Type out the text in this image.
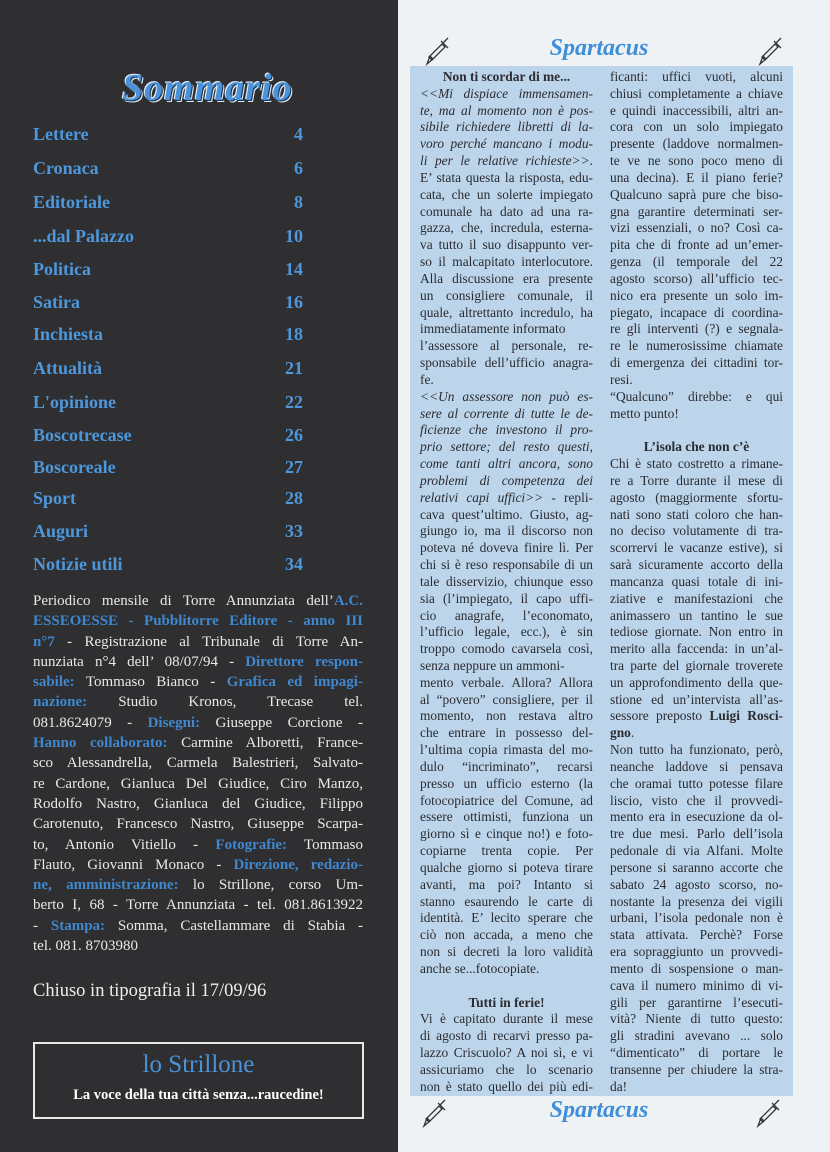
Sommario
Lettere	4
Cronaca	6
Editoriale	8
...dal Palazzo	10
Politica	14
Satira	16
Inchiesta	18
Attualità	21
L'opinione	22
Boscotrecase	26
Boscoreale	27
Sport	28
Auguri	33
Notizie utili	34
Periodico mensile di Torre Annunziata dell’A.C.
ESSEOESSE - Pubblitorre Editore - anno III
n°7 - Registrazione al Tribunale di Torre An-
nunziata n°4 dell’ 08/07/94 - Direttore respon-
sabile: Tommaso Bianco - Grafica ed impagi-
nazione: Studio Kronos, Trecase tel.
081.8624079 - Disegni: Giuseppe Corcione -
Hanno collaborato: Carmine Alboretti, France-
sco Alessandrella, Carmela Balestrieri, Salvato-
re Cardone, Gianluca Del Giudice, Ciro Manzo,
Rodolfo Nastro, Gianluca del Giudice, Filippo
Carotenuto, Francesco Nastro, Giuseppe Scarpa-
to, Antonio Vitiello - Fotografie: Tommaso
Flauto, Giovanni Monaco - Direzione, redazio-
ne, amministrazione: lo Strillone, corso Um-
berto I, 68 - Torre Annunziata - tel. 081.8613922
- Stampa: Somma, Castellammare di Stabia -
tel. 081. 8703980
Chiuso in tipografia il 17/09/96
lo Strillone
La voce della tua città senza...raucedine!
Spartacus
Spartacus
Non ti scordar di me...
<<Mi dispiace immensamen-
te, ma al momento non è pos-
sibile richiedere libretti di la-
voro perché mancano i modu-
li per le relative richieste>>.
E’ stata questa la risposta, edu-
cata, che un solerte impiegato
comunale ha dato ad una ra-
gazza, che, incredula, esterna-
va tutto il suo disappunto ver-
so il malcapitato interlocutore.
Alla discussione era presente
un consigliere comunale, il
quale, altrettanto incredulo, ha
immediatamente informato
l’assessore al personale, re-
sponsabile dell’ufficio anagra-
fe.
<<Un assessore non può es-
sere al corrente di tutte le de-
ficienze che investono il pro-
prio settore; del resto questi,
come tanti altri ancora, sono
problemi di competenza dei
relativi capi uffici>> - repli-
cava quest’ultimo. Giusto, ag-
giungo io, ma il discorso non
poteva né doveva finire lì. Per
chi si è reso responsabile di un
tale disservizio, chiunque esso
sia (l’impiegato, il capo uffi-
cio anagrafe, l’economato,
l’ufficio legale, ecc.), è sin
troppo comodo cavarsela così,
senza neppure un ammoni-
mento verbale. Allora? Allora
al “povero” consigliere, per il
momento, non restava altro
che entrare in possesso del-
l’ultima copia rimasta del mo-
dulo “incriminato”, recarsi
presso un ufficio esterno (la
fotocopiatrice del Comune, ad
essere ottimisti, funziona un
giorno sì e cinque no!) e foto-
copiarne trenta copie. Per
qualche giorno si poteva tirare
avanti, ma poi? Intanto si
stanno esaurendo le carte di
identità. E’ lecito sperare che
ciò non accada, a meno che
non si decreti la loro validità
anche se...fotocopiate.
Tutti in ferie!
Vi è capitato durante il mese
di agosto di recarvi presso pa-
lazzo Criscuolo? A noi sì, e vi
assicuriamo che lo scenario
non è stato quello dei più edi-
ficanti: uffici vuoti, alcuni
chiusi completamente a chiave
e quindi inaccessibili, altri an-
cora con un solo impiegato
presente (laddove normalmen-
te ve ne sono poco meno di
una decina). E il piano ferie?
Qualcuno saprà pure che biso-
gna garantire determinati ser-
vizi essenziali, o no? Così ca-
pita che di fronte ad un’emer-
genza (il temporale del 22
agosto scorso) all’ufficio tec-
nico era presente un solo im-
piegato, incapace di coordina-
re gli interventi (?) e segnala-
re le numerosissime chiamate
di emergenza dei cittadini tor-
resi.
“Qualcuno” direbbe: e qui
metto punto!
L’isola che non c’è
Chi è stato costretto a rimane-
re a Torre durante il mese di
agosto (maggiormente sfortu-
nati sono stati coloro che han-
no deciso volutamente di tra-
scorrervi le vacanze estive), si
sarà sicuramente accorto della
mancanza quasi totale di ini-
ziative e manifestazioni che
animassero un tantino le sue
tediose giornate. Non entro in
merito alla faccenda: in un’al-
tra parte del giornale troverete
un approfondimento della que-
stione ed un’intervista all’as-
sessore preposto Luigi Rosci-
gno.
Non tutto ha funzionato, però,
neanche laddove si pensava
che oramai tutto potesse filare
liscio, visto che il provvedi-
mento era in esecuzione da ol-
tre due mesi. Parlo dell’isola
pedonale di via Alfani. Molte
persone si saranno accorte che
sabato 24 agosto scorso, no-
nostante la presenza dei vigili
urbani, l’isola pedonale non è
stata attivata. Perchè? Forse
era sopraggiunto un provvedi-
mento di sospensione o man-
cava il numero minimo di vi-
gili per garantirne l’esecuti-
vità? Niente di tutto questo:
gli stradini avevano ... solo
“dimenticato” di portare le
transenne per chiudere la stra-
da!
